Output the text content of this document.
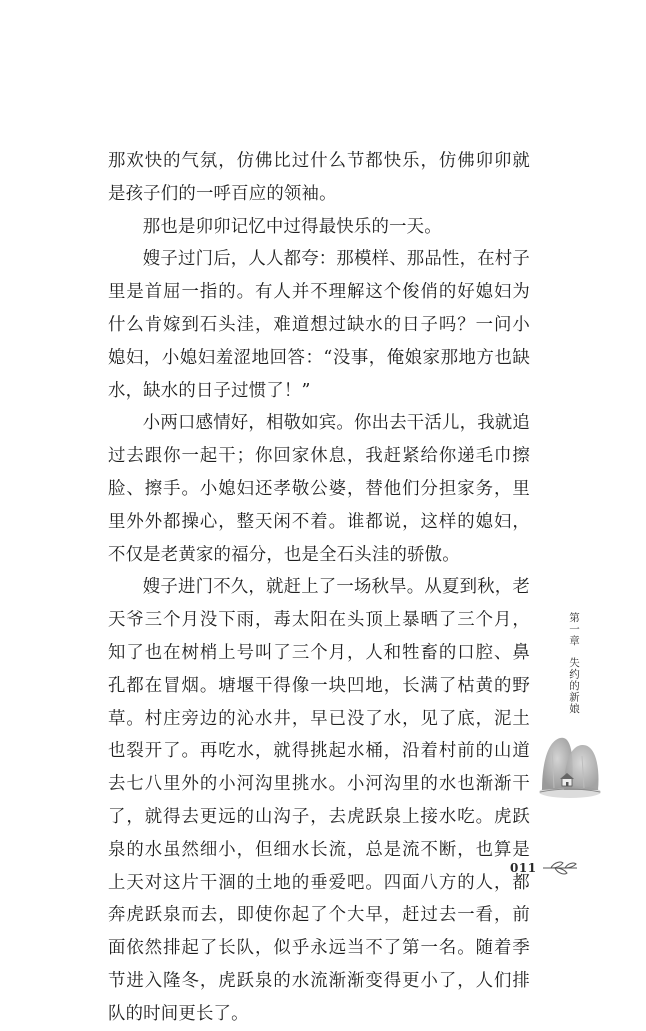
那欢快的气氛，仿佛比过什么节都快乐，仿佛卯卯就是孩子们的一呼百应的领袖。

那也是卯卯记忆中过得最快乐的一天。

嫂子过门后，人人都夸：那模样、那品性，在村子里是首屈一指的。有人并不理解这个俊俏的好媳妇为什么肯嫁到石头洼，难道想过缺水的日子吗？一问小媳妇，小媳妇羞涩地回答：“没事，俺娘家那地方也缺水，缺水的日子过惯了！”

小两口感情好，相敬如宾。你出去干活儿，我就追过去跟你一起干；你回家休息，我赶紧给你递毛巾擦脸、擦手。小媳妇还孝敬公婆，替他们分担家务，里里外外都操心，整天闲不着。谁都说，这样的媳妇，不仅是老黄家的福分，也是全石头洼的骄傲。

嫂子进门不久，就赶上了一场秋旱。从夏到秋，老天爷三个月没下雨，毒太阳在头顶上暴晒了三个月，知了也在树梢上号叫了三个月，人和牲畜的口腔、鼻孔都在冒烟。塘堰干得像一块凹地，长满了枯黄的野草。村庄旁边的沁水井，早已没了水，见了底，泥土也裂开了。再吃水，就得挑起水桶，沿着村前的山道去七八里外的小河沟里挑水。小河沟里的水也渐渐干了，就得去更远的山沟子，去虎跃泉上接水吃。虎跃泉的水虽然细小，但细水长流，总是流不断，也算是上天对这片干涸的土地的垂爱吧。四面八方的人，都奔虎跃泉而去，即使你起了个大早，赶过去一看，前面依然排起了长队，似乎永远当不了第一名。随着季节进入隆冬，虎跃泉的水流渐渐变得更小了，人们排队的时间更长了。

第一章
失约的新娘
011
